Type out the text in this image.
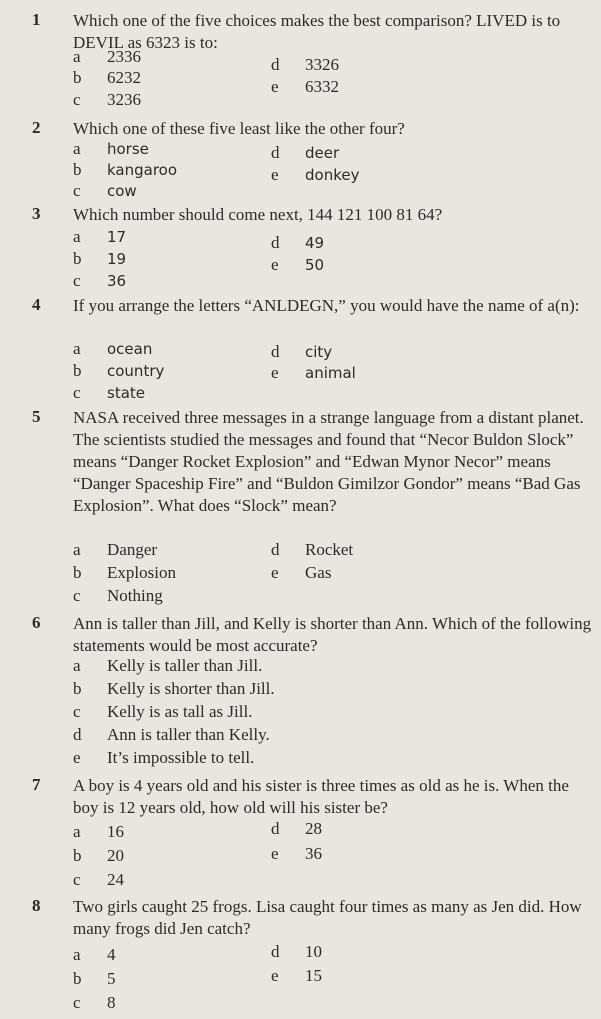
1 Which one of the five choices makes the best comparison? LIVED is to DEVIL as 6323 is to:
a 2336
b 6232
c 3236
d 3326
e 6332
2 Which one of these five least like the other four?
a horse
b kangaroo
c cow
d deer
e donkey
3 Which number should come next, 144 121 100 81 64?
a 17
b 19
c 36
d 49
e 50
4 If you arrange the letters “ANLDEGN,” you would have the name of a(n):
a ocean
b country
c state
d city
e animal
5 NASA received three messages in a strange language from a distant planet. The scientists studied the messages and found that “Necor Buldon Slock” means “Danger Rocket Explosion” and “Edwan Mynor Necor” means “Danger Spaceship Fire” and “Buldon Gimilzor Gondor” means “Bad Gas Explosion”. What does “Slock” mean?
a Danger
b Explosion
c Nothing
d Rocket
e Gas
6 Ann is taller than Jill, and Kelly is shorter than Ann. Which of the following statements would be most accurate?
a Kelly is taller than Jill.
b Kelly is shorter than Jill.
c Kelly is as tall as Jill.
d Ann is taller than Kelly.
e It’s impossible to tell.
7 A boy is 4 years old and his sister is three times as old as he is. When the boy is 12 years old, how old will his sister be?
a 16
b 20
c 24
d 28
e 36
8 Two girls caught 25 frogs. Lisa caught four times as many as Jen did. How many frogs did Jen catch?
a 4
b 5
c 8
d 10
e 15
